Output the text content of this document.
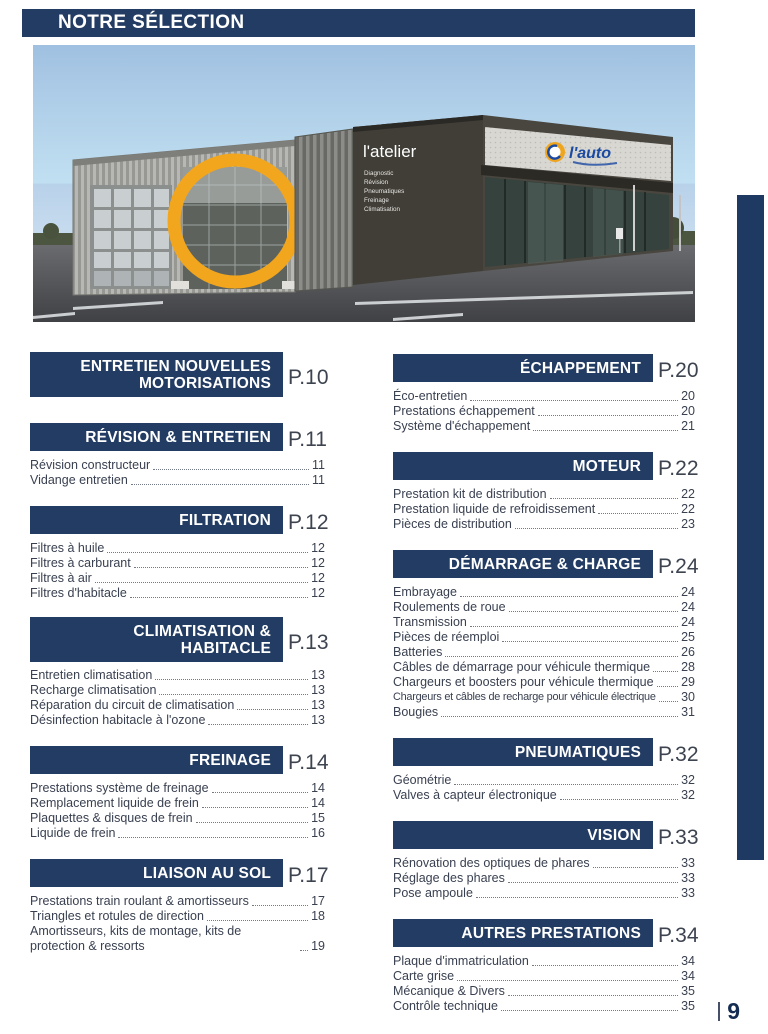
NOTRE SÉLECTION
l'atelier
Diagnostic
Révision
Pneumatiques
Freinage
Climatisation
l'auto
ENTRETIEN NOUVELLES MOTORISATIONS P.10
RÉVISION & ENTRETIEN P.11
Révision constructeur	11
Vidange entretien	11
FILTRATION P.12
Filtres à huile	12
Filtres à carburant	12
Filtres à air	12
Filtres d'habitacle	12
CLIMATISATION & HABITACLE P.13
Entretien climatisation	13
Recharge climatisation	13
Réparation du circuit de climatisation	13
Désinfection habitacle à l'ozone	13
FREINAGE P.14
Prestations système de freinage	14
Remplacement liquide de frein	14
Plaquettes & disques de frein	15
Liquide de frein	16
LIAISON AU SOL P.17
Prestations train roulant & amortisseurs	17
Triangles et rotules de direction	18
Amortisseurs, kits de montage, kits de protection & ressorts	19
ÉCHAPPEMENT P.20
Éco-entretien	20
Prestations échappement	20
Système d'échappement	21
MOTEUR P.22
Prestation kit de distribution	22
Prestation liquide de refroidissement	22
Pièces de distribution	23
DÉMARRAGE & CHARGE P.24
Embrayage	24
Roulements de roue	24
Transmission	24
Pièces de réemploi	25
Batteries	26
Câbles de démarrage pour véhicule thermique 28
Chargeurs et boosters pour véhicule thermique 29
Chargeurs et câbles de recharge pour véhicule électrique 30
Bougies	31
PNEUMATIQUES P.32
Géométrie	32
Valves à capteur électronique	32
VISION P.33
Rénovation des optiques de phares	33
Réglage des phares	33
Pose ampoule	33
AUTRES PRESTATIONS P.34
Plaque d'immatriculation	34
Carte grise	34
Mécanique & Divers	35
Contrôle technique	35 9
